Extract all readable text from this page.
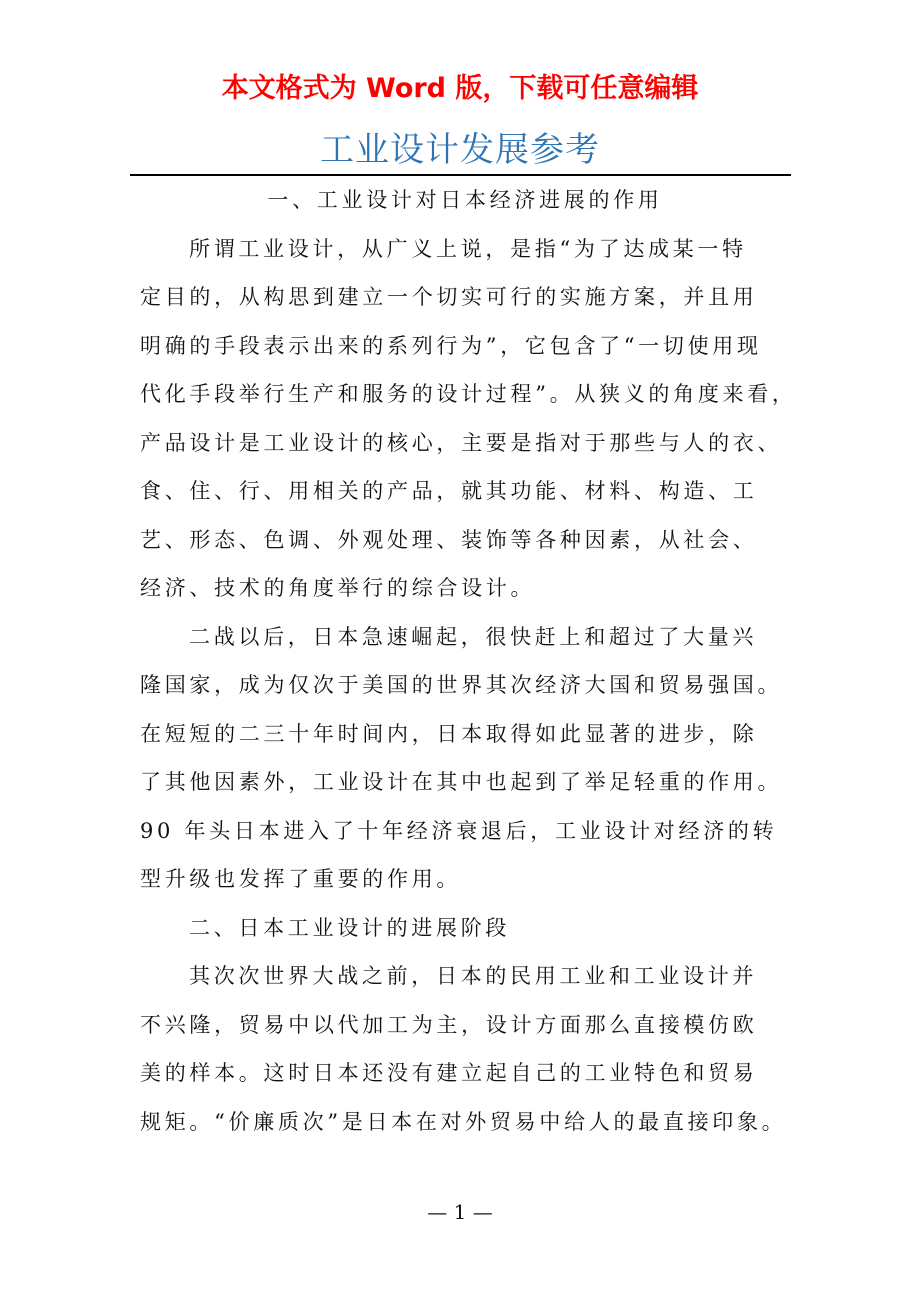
本文格式为 Word 版，下载可任意编辑
工业设计发展参考
一、工业设计对日本经济进展的作用
所谓工业设计，从广义上说，是指“为了达成某一特
定目的，从构思到建立一个切实可行的实施方案，并且用
明确的手段表示出来的系列行为”，它包含了“一切使用现
代化手段举行生产和服务的设计过程”。从狭义的角度来看，
产品设计是工业设计的核心，主要是指对于那些与人的衣、
食、住、行、用相关的产品，就其功能、材料、构造、工
艺、形态、色调、外观处理、装饰等各种因素，从社会、
经济、技术的角度举行的综合设计。
二战以后，日本急速崛起，很快赶上和超过了大量兴
隆国家，成为仅次于美国的世界其次经济大国和贸易强国。
在短短的二三十年时间内，日本取得如此显著的进步，除
了其他因素外，工业设计在其中也起到了举足轻重的作用。
90 年头日本进入了十年经济衰退后，工业设计对经济的转
型升级也发挥了重要的作用。
二、日本工业设计的进展阶段
其次次世界大战之前，日本的民用工业和工业设计并
不兴隆，贸易中以代加工为主，设计方面那么直接模仿欧
美的样本。这时日本还没有建立起自己的工业特色和贸易
规矩。“价廉质次”是日本在对外贸易中给人的最直接印象。
— 1 —
